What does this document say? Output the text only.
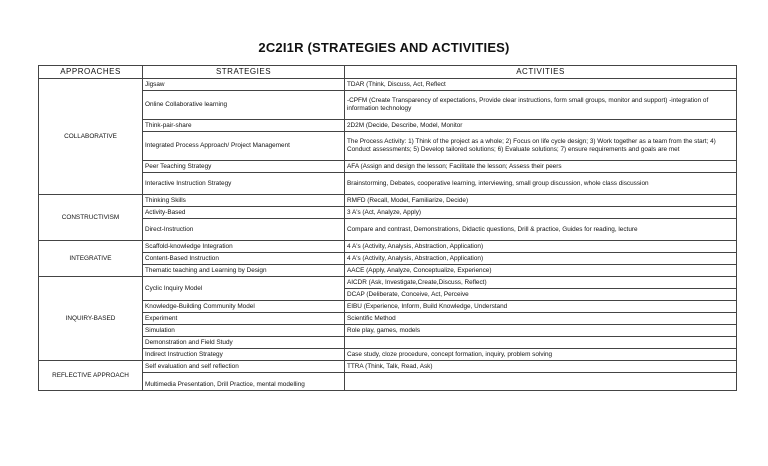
2C2I1R (STRATEGIES AND ACTIVITIES)
APPROACHES	STRATEGIES	ACTIVITIES
COLLABORATIVE	Jigsaw	TDAR (Think, Discuss, Act, Reflect
	Online Collaborative learning	-CPFM (Create Transparency of expectations, Provide clear instructions, form small groups, monitor and support) -integration of information technology
	Think-pair-share	2D2M (Decide, Describe, Model, Monitor
	Integrated Process Approach/ Project Management	The Process Activity: 1) Think of the project as a whole; 2) Focus on life cycle design; 3) Work together as a team from the start; 4) Conduct assessments; 5) Develop tailored solutions; 6) Evaluate solutions; 7) ensure requirements and goals are met
	Peer Teaching Strategy	AFA (Assign and design the lesson; Facilitate the lesson; Assess their peers
	Interactive Instruction Strategy	Brainstorming, Debates, cooperative learning, interviewing, small group discussion, whole class discussion
CONSTRUCTIVISM	Thinking Skills	RMFD (Recall, Model, Familiarize, Decide)
	Activity-Based	3 A's (Act, Analyze, Apply)
	Direct-Instruction	Compare and contrast, Demonstrations, Didactic questions, Drill & practice, Guides for reading, lecture
INTEGRATIVE	Scaffold-knowledge Integration	4 A's (Activity, Analysis, Abstraction, Application)
	Content-Based Instruction	4 A's (Activity, Analysis, Abstraction, Application)
	Thematic teaching and Learning by Design	AACE (Apply, Analyze, Conceptualize, Experience)
INQUIRY-BASED	Cyclic Inquiry Model	AICDR (Ask, Investigate,Create,Discuss, Reflect)
		DCAP (Deliberate, Conceive, Act, Perceive
	Knowledge-Building Community Model	EIBU (Experience, Inform, Build Knowledge, Understand
	Experiment	Scientific Method
	Simulation	Role play, games, models
	Demonstration and Field Study	
	Indirect Instruction Strategy	Case study, cloze procedure, concept formation, inquiry, problem solving
REFLECTIVE APPROACH	Self evaluation and self reflection	TTRA (Think, Talk, Read, Ask)
	Multimedia Presentation, Drill Practice, mental modelling	
